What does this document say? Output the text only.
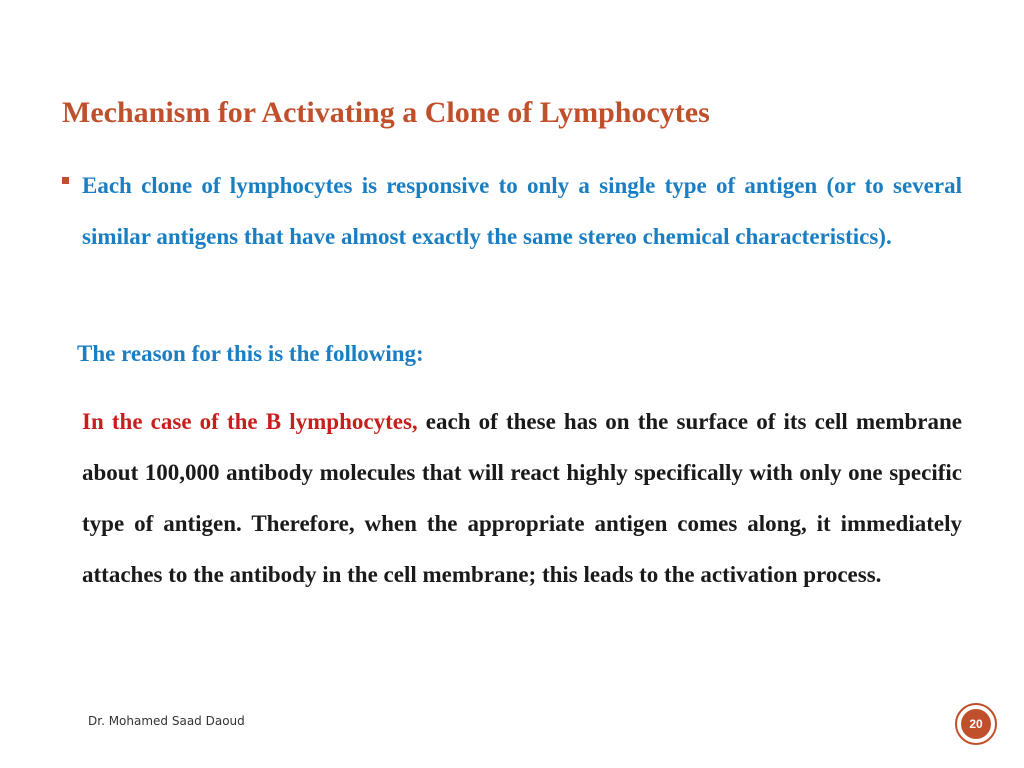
Mechanism for Activating a Clone of Lymphocytes
Each clone of lymphocytes is responsive to only a single type of antigen (or to several similar antigens that have almost exactly the same stereo chemical characteristics).
The reason for this is the following:
In the case of the B lymphocytes, each of these has on the surface of its cell membrane about 100,000 antibody molecules that will react highly specifically with only one specific type of antigen. Therefore, when the appropriate antigen comes along, it immediately attaches to the antibody in the cell membrane; this leads to the activation process.
Dr. Mohamed Saad Daoud	20
